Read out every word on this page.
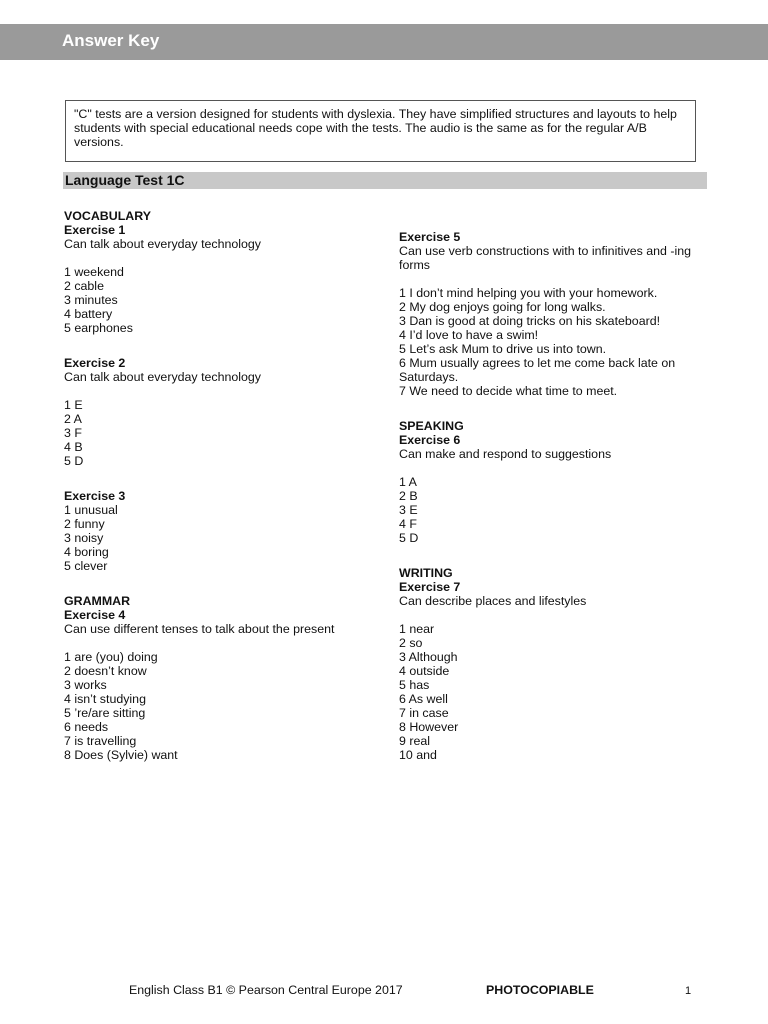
Answer Key
"C" tests are a version designed for students with dyslexia. They have simplified structures and layouts to help students with special educational needs cope with the tests. The audio is the same as for the regular A/B versions.
Language Test 1C
VOCABULARY
Exercise 1
Can talk about everyday technology
1 weekend
2 cable
3 minutes
4 battery
5 earphones
Exercise 2
Can talk about everyday technology
1 E
2 A
3 F
4 B
5 D
Exercise 3
1 unusual
2 funny
3 noisy
4 boring
5 clever
GRAMMAR
Exercise 4
Can use different tenses to talk about the present
1 are (you) doing
2 doesn’t know
3 works
4 isn’t studying
5 ’re/are sitting
6 needs
7 is travelling
8 Does (Sylvie) want
Exercise 5
Can use verb constructions with to infinitives and -ing forms
1 I don’t mind helping you with your homework.
2 My dog enjoys going for long walks.
3 Dan is good at doing tricks on his skateboard!
4 I’d love to have a swim!
5 Let’s ask Mum to drive us into town.
6 Mum usually agrees to let me come back late on Saturdays.
7 We need to decide what time to meet.
SPEAKING
Exercise 6
Can make and respond to suggestions
1 A
2 B
3 E
4 F
5 D
WRITING
Exercise 7
Can describe places and lifestyles
1 near
2 so
3 Although
4 outside
5 has
6 As well
7 in case
8 However
9 real
10 and
English Class B1 © Pearson Central Europe 2017	PHOTOCOPIABLE	1
